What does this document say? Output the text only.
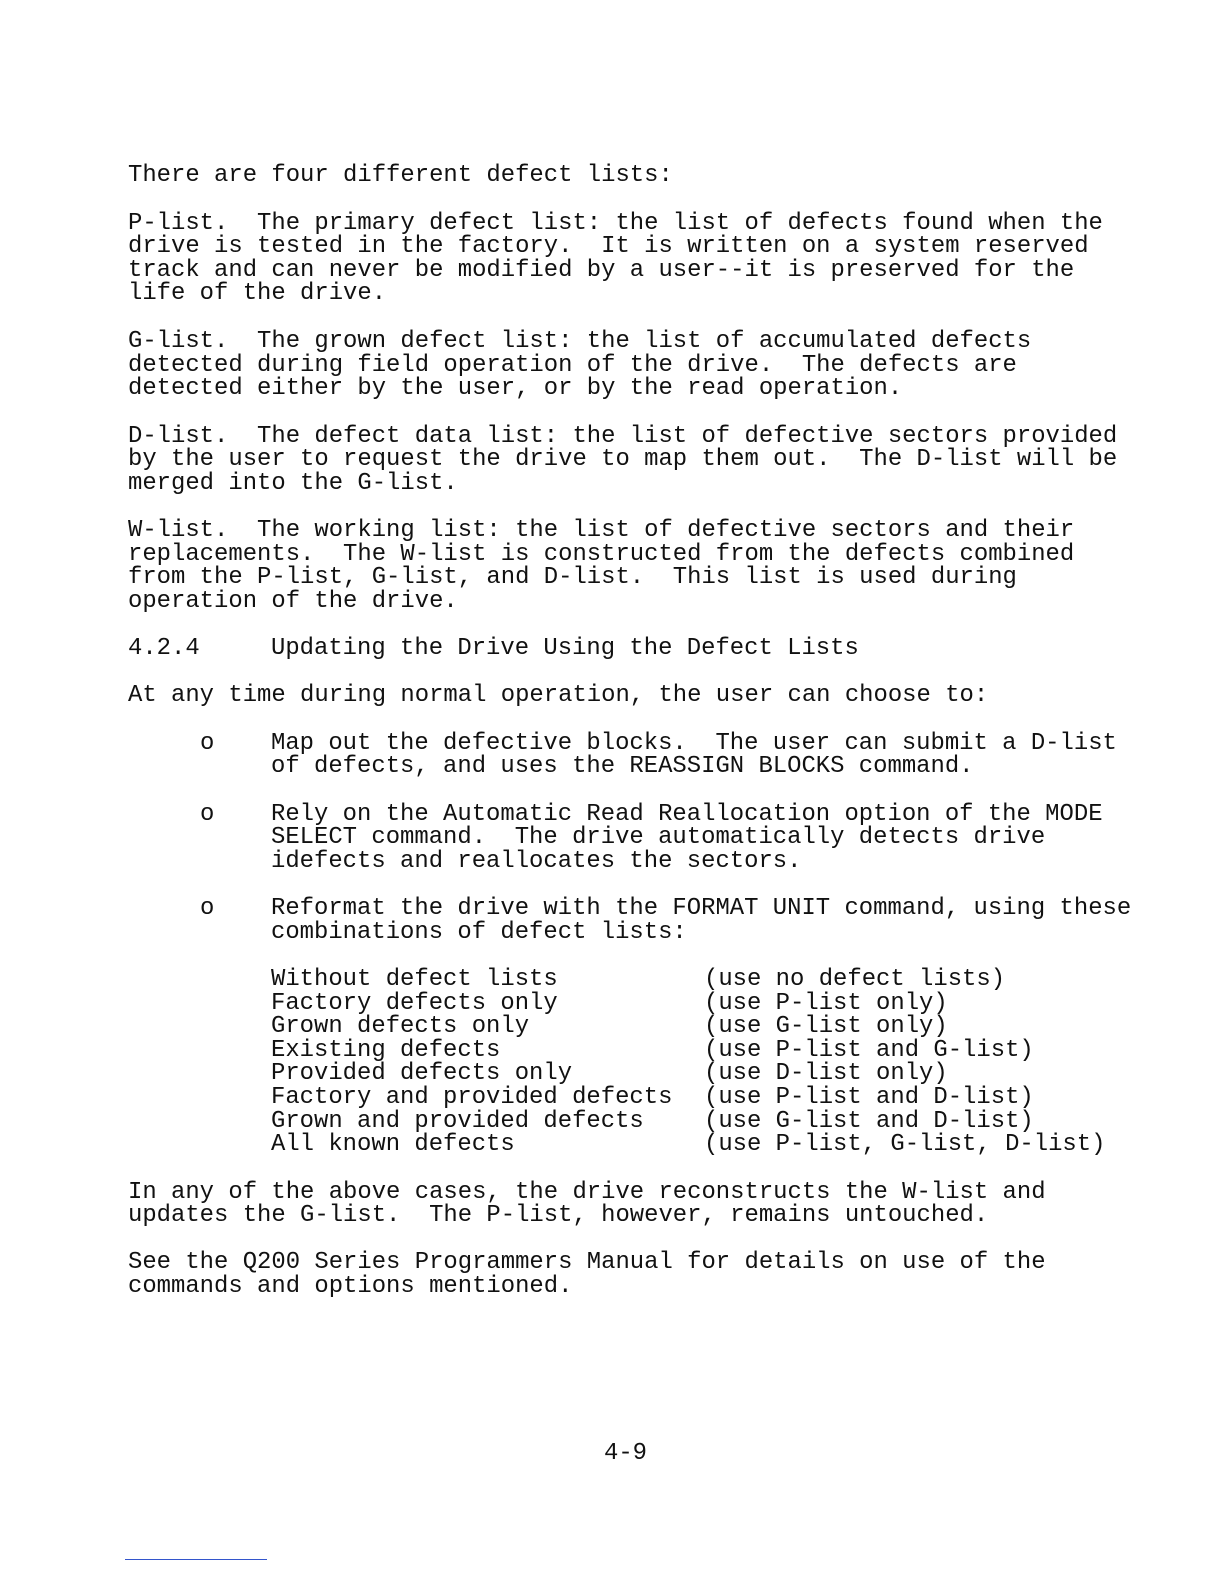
There are four different defect lists:
P-list.  The primary defect list: the list of defects found when the
drive is tested in the factory.  It is written on a system reserved
track and can never be modified by a user--it is preserved for the
life of the drive.
G-list.  The grown defect list: the list of accumulated defects
detected during field operation of the drive.  The defects are
detected either by the user, or by the read operation.
D-list.  The defect data list: the list of defective sectors provided
by the user to request the drive to map them out.  The D-list will be
merged into the G-list.
W-list.  The working list: the list of defective sectors and their
replacements.  The W-list is constructed from the defects combined
from the P-list, G-list, and D-list.  This list is used during
operation of the drive.
4.2.4	Updating the Drive Using the Defect Lists
At any time during normal operation, the user can choose to:
o Map out the defective blocks.  The user can submit a D-list
of defects, and uses the REASSIGN BLOCKS command.
o Rely on the Automatic Read Reallocation option of the MODE
SELECT command.  The drive automatically detects drive
idefects and reallocates the sectors.
o Reformat the drive with the FORMAT UNIT command, using these
combinations of defect lists:
Without defect lists	(use no defect lists)
Factory defects only	(use P-list only)
Grown defects only	(use G-list only)
Existing defects	(use P-list and G-list)
Provided defects only	(use D-list only)
Factory and provided defects (use P-list and D-list)
Grown and provided defects	(use G-list and D-list)
All known defects	(use P-list, G-list, D-list)
In any of the above cases, the drive reconstructs the W-list and
updates the G-list.  The P-list, however, remains untouched.
See the Q200 Series Programmers Manual for details on use of the
commands and options mentioned.
4-9
